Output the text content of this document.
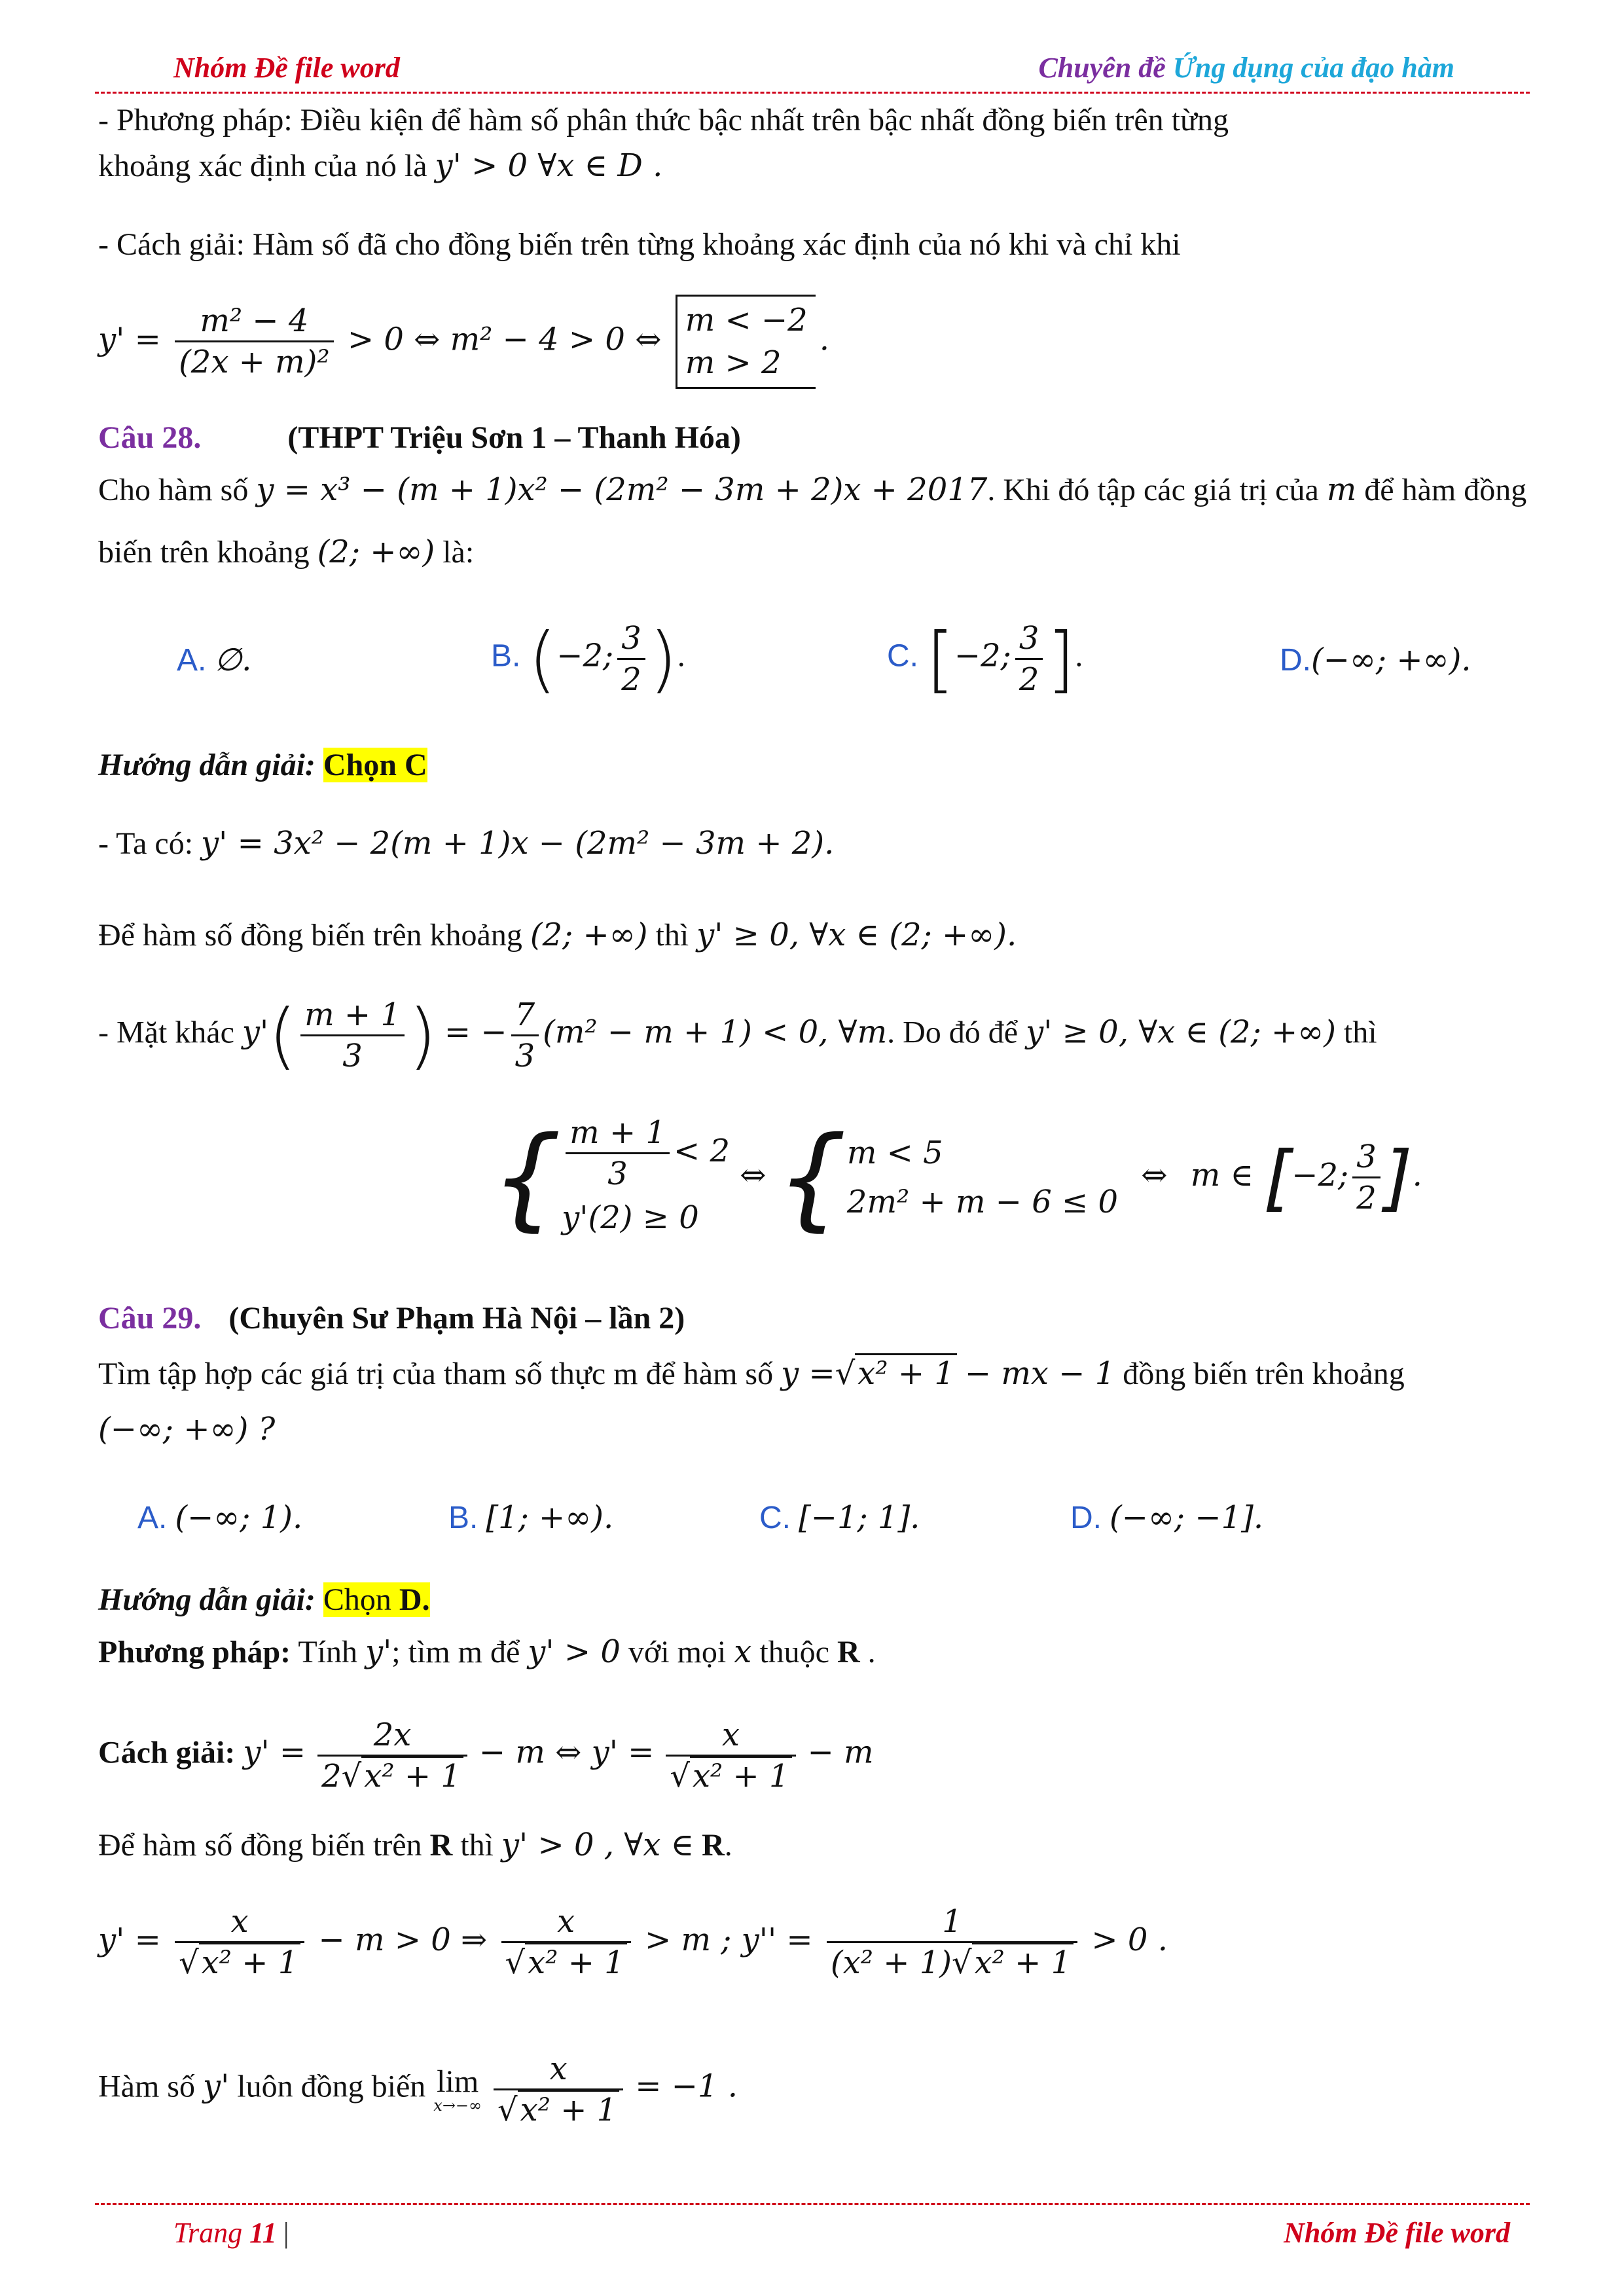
Nhóm Đề file word	Chuyên đề Ứng dụng của đạo hàm
- Phương pháp: Điều kiện để hàm số phân thức bậc nhất trên bậc nhất đồng biến trên từng
khoảng xác định của nó là y' > 0 ∀x ∈ D .
- Cách giải: Hàm số đã cho đồng biến trên từng khoảng xác định của nó khi và chỉ khi
$y' = \frac{\text{m² − 4}}{\text{(2x + m)²}} > 0$ ⇔ m² − 4 > 0 ⇔
m < −2
m > 2
.
Câu 28.	(THPT Triệu Sơn 1 – Thanh Hóa)
Cho hàm số y = x³ − (m + 1)x² − (2m² − 3m + 2)x + 2017. Khi đó tập các giá trị của m để hàm đồng
biến trên khoảng (2; +∞) là:
A. ∅.	B. (−2; $\frac{3}{2}$ ).	C. [−2; $\frac{3}{2}$ ].	D.(−∞; +∞).
Hướng dẫn giải: Chọn C
- Ta có: y' = 3x² − 2(m + 1)x − (2m² − 3m + 2).
Để hàm số đồng biến trên khoảng (2; +∞) thì y' ≥ 0, ∀x ∈ (2; +∞).
- Mặt khác $y'( \frac{m + 1}{3}$ ) = − $\frac{7}{3} (m^2 - m + 1) < 0$, ∀m. Do đó để y' ≥ 0, ∀x ∈ (2; +∞) thì
{ $\frac{m + 1}{3} < 2$
y'(2) ≥ 0
⇔ { m < 5
2m² + m − 6 ≤ 0
⇔ m ∈ [−2; $\frac{3}{2}$ ].
Câu 29. (Chuyên Sư Phạm Hà Nội – lần 2)
Tìm tập hợp các giá trị của tham số thực m để hàm số y =√x² + 1 − mx − 1 đồng biến trên khoảng
(−∞; +∞) ?
A. (−∞; 1).	B. [1; +∞).	C. [−1; 1].	D. (−∞; −1].
Hướng dẫn giải: Chọn D.
Phương pháp: Tính y'; tìm m để y' > 0 với mọi x thuộc R .
Cách giải: $y' = \frac{2x}{\text{2√x² + 1}} - m$ ⇔ $y' = \frac{x}{\text{√x² + 1}} - m$
Để hàm số đồng biến trên R thì y' > 0 , ∀x ∈ R.
$y' = \frac{x}{\text{√x² + 1}} - m > 0$ ⇒ $\frac{x}{\text{√x² + 1}} > m$ ; $y'' = \frac{1}{\text{(x² + 1)√x² + 1}} > 0$ .
Hàm số y' luôn đồng biến lim
x→−∞
$\frac{x}{\text{√x² + 1}} = -1$ .
Trang 11 |	Nhóm Đề file word
